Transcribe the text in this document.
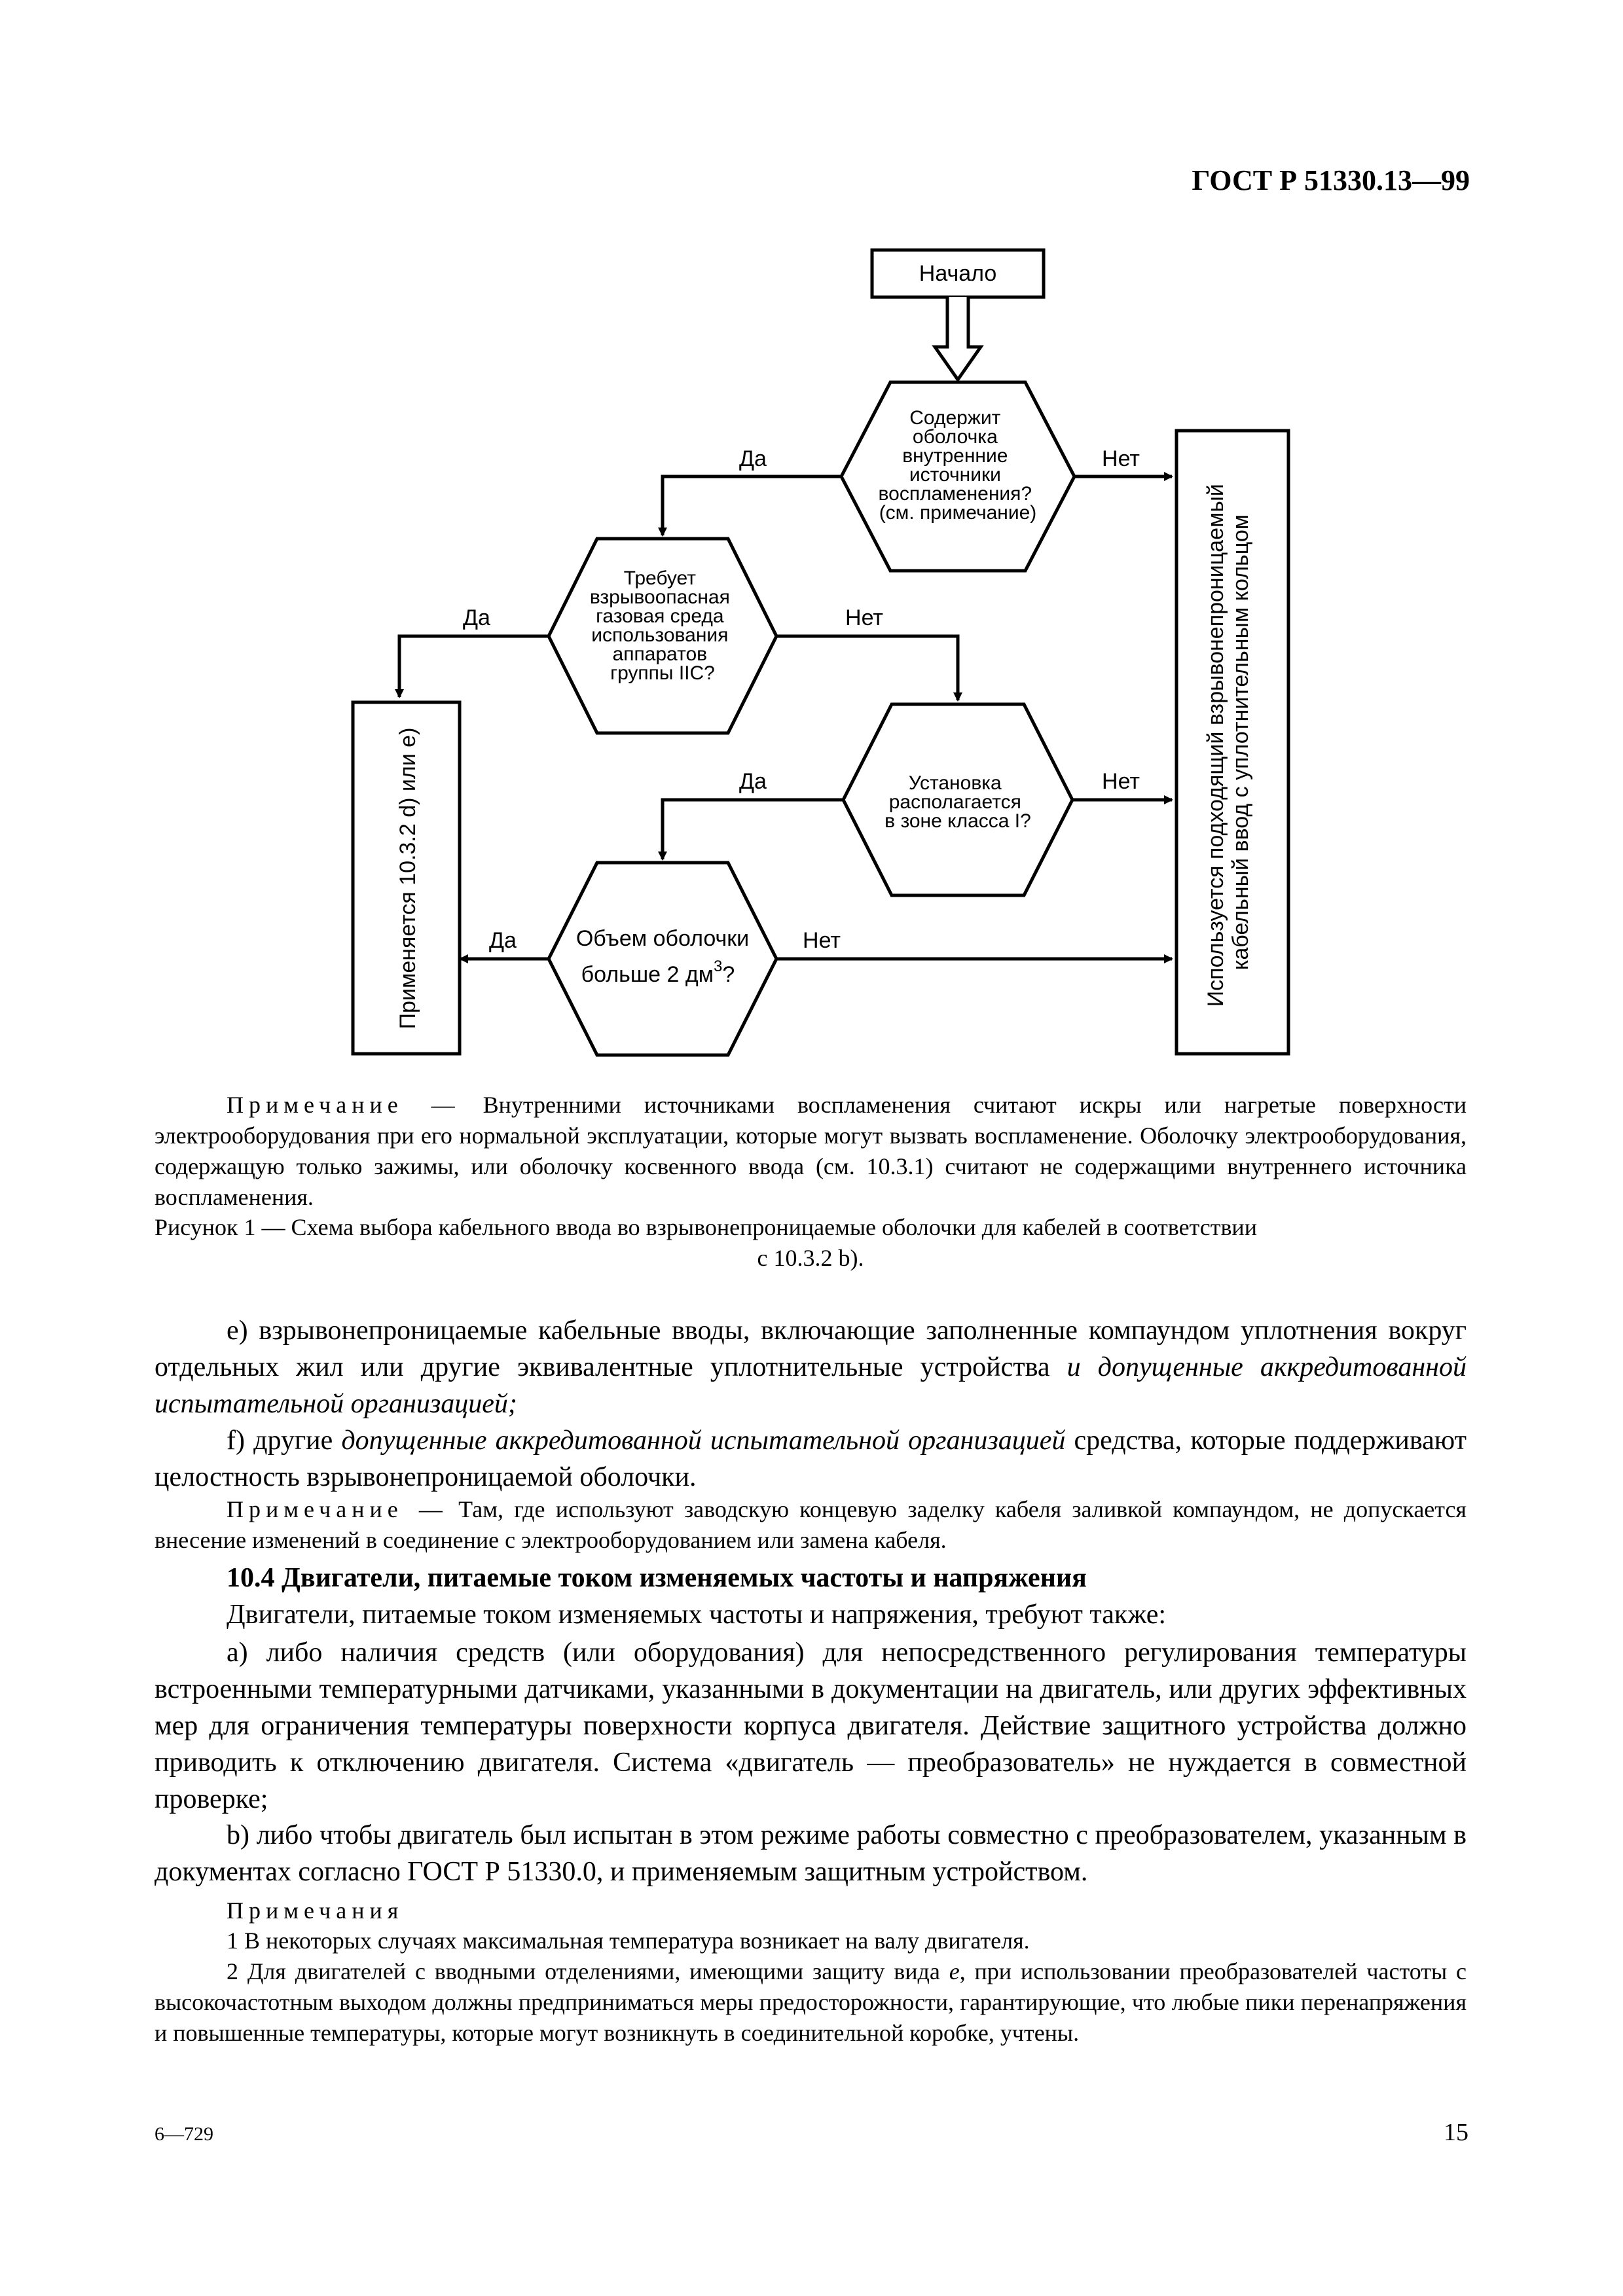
ГОСТ Р 51330.13—99
Начало
Содержит оболочка внутренние источники воспламенения? (см. примечание)
Да	Нет
Требует взрывоопасная газовая среда использования аппаратов группы IIС?
Да	Нет
Установка располагается в зоне класса I?
Да	Нет
Объем оболочки
больше 2 $дм^3$?
Да	Нет
Применяется 10.3.2 d) или e)	Используется подходящий взрывонепроницаемый кабельный ввод с уплотнительным кольцом
Примечание — Внутренними источниками воспламенения считают искры или нагретые поверхности электрооборудования при его нормальной эксплуатации, которые могут вызвать воспламенение. Оболочку электрооборудования, содержащую только зажимы, или оболочку косвенного ввода (см. 10.3.1) считают не содержащими внутреннего источника воспламенения.
Рисунок 1 — Схема выбора кабельного ввода во взрывонепроницаемые оболочки для кабелей в соответствии
с 10.3.2 b).
e) взрывонепроницаемые кабельные вводы, включающие заполненные компаундом уплотнения вокруг отдельных жил или другие эквивалентные уплотнительные устройства и допущенные аккредитованной испытательной организацией;
f) другие допущенные аккредитованной испытательной организацией средства, которые поддерживают целостность взрывонепроницаемой оболочки.
Примечание — Там, где используют заводскую концевую заделку кабеля заливкой компаундом, не допускается внесение изменений в соединение с электрооборудованием или замена кабеля.
10.4 Двигатели, питаемые током изменяемых частоты и напряжения
Двигатели, питаемые током изменяемых частоты и напряжения, требуют также:
a) либо наличия средств (или оборудования) для непосредственного регулирования температуры встроенными температурными датчиками, указанными в документации на двигатель, или других эффективных мер для ограничения температуры поверхности корпуса двигателя. Действие защитного устройства должно приводить к отключению двигателя. Система «двигатель — преобразователь» не нуждается в совместной проверке;
b) либо чтобы двигатель был испытан в этом режиме работы совместно с преобразователем, указанным в документах согласно ГОСТ Р 51330.0, и применяемым защитным устройством.
Примечания
1 В некоторых случаях максимальная температура возникает на валу двигателя.
2 Для двигателей с вводными отделениями, имеющими защиту вида e, при использовании преобразователей частоты с высокочастотным выходом должны предприниматься меры предосторожности, гарантирующие, что любые пики перенапряжения и повышенные температуры, которые могут возникнуть в соединительной коробке, учтены.
6—729	15
